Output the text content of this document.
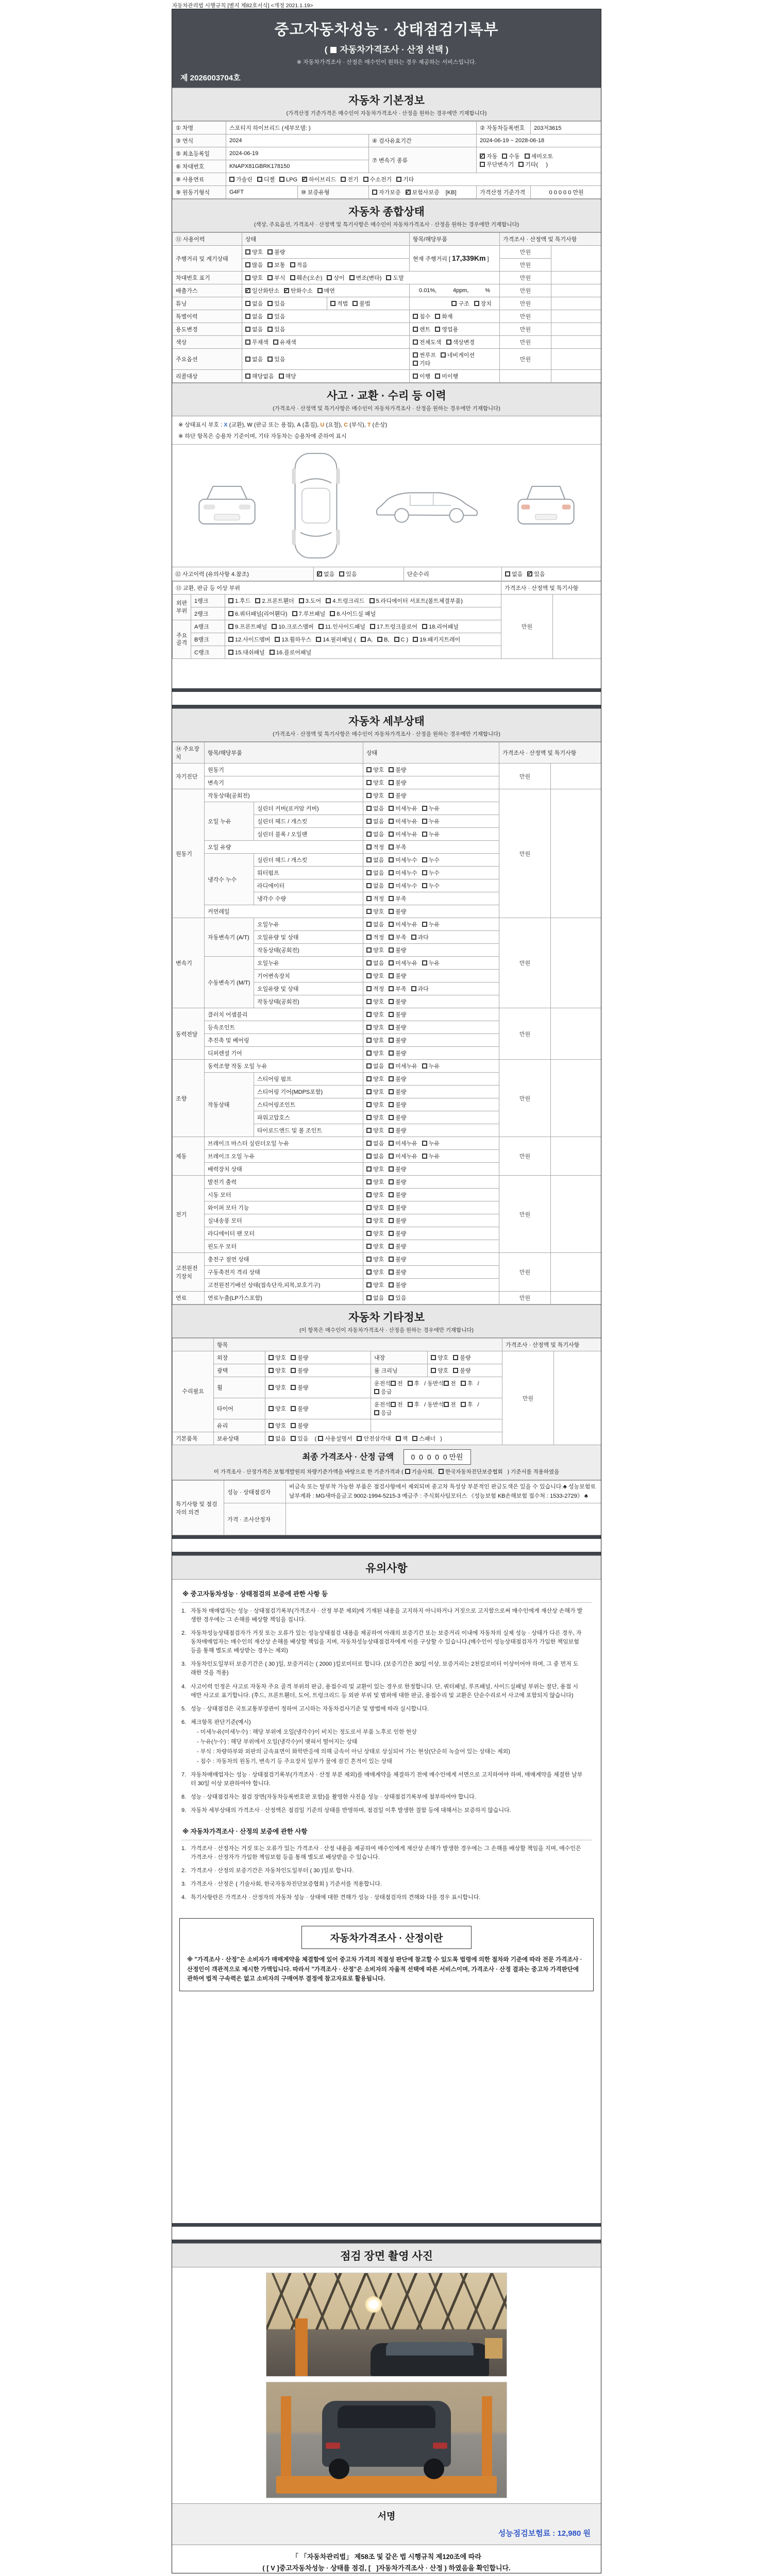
자동차관리법 시행규칙 [별지 제82호서식] <개정 2021.1.19>
중고자동차성능 · 상태점검기록부
( 자동차가격조사 · 산정 선택 )
※ 자동차가격조사 · 산정은 매수인이 원하는 경우 제공하는 서비스입니다.
제 2026003704호
자동차 기본정보
(가격산정 기준가격은 매수인이 자동차가격조사 · 산정을 원하는 경우에만 기재합니다)
① 차명	스포티지 하이브리드 (세부모델: )			② 자동차등록번호	203저3615
③ 연식	2024		④ 검사유효기간	2024-06-19 ~ 2028-06-18	
⑤ 최초등록일	2024-06-19		⑦ 변속기 종류	✓자동 수동 세미오토
무단변속기 기타(     )
⑥ 차대번호	KNAPX81GBRK178150				
⑧ 사용연료	가솔린 디젤 LPG ✓ 하이브리드 전기 수소전기 기타
⑨ 원동기형식	G4FT	⑩ 보증유형	자가보증 ✓ 보험사보증 [KB]	가격산정 기준가격	0 0 0 0 0 만원
자동차 종합상태
(색상, 주요옵션, 가격조사 · 산정액 및 특기사항은 매수인이 자동차가격조사 · 산정을 원하는 경우에만 기재합니다)
⑪ 사용이력	상태		항목/해당부품	가격조사 · 산정액 및 특기사항	
주행거리 및 계기상태	양호 불량		현재 주행거리 [ 17,339Km ]	만원	
	많음 보통 적음			만원	
차대번호 표기	양호 부식 훼손(오손) 상이 변조(변타) 도말			만원	
배출가스	✓일산화탄소 ✓ 탄화수소 매연		0.01%, 4ppm, %	만원	
튜닝	없음 있음	적법 불법	구조 장치	만원	
특별이력	없음 있음		침수 화재	만원	
용도변경	없음 있음		렌트 영업용	만원	
색상	무채색 유채색		전체도색 색상변경	만원	
주요옵션	없음 있음		썬루프 네비게이션기타	만원	
리콜대상	해당없음 해당		이행 미이행		
사고 · 교환 · 수리 등 이력
(가격조사 · 산정액 및 특기사항은 매수인이 자동차가격조사 · 산정을 원하는 경우에만 기재합니다)
※ 상태표시 부호 : X (교환), W (판금 또는 용접), A (흠집), U (요철), C (부식), T (손상)
※ 하단 항목은 승용차 기준이며, 기타 자동차는 승용차에 준하여 표시
⑫ 사고이력 (유의사항 4.참조) ✓	없음 있음	단순수리	없음 ✓ 있음
⑬ 교환, 판금 등 이상 부위			가격조사 · 산정액 및 특기사항	
외판부위	1랭크	1.후드 2.프론트휀더 3.도어 4.트렁크리드 5.라디에이터 서포트(볼트체결부품)	만원	
	2랭크	6.쿼터패널(리어휀다) 7.루브패널 8.사이드실 패널		
주요골격	A랭크	9.프론트패널 10.크로스멤버 11.인사이드패널 17.트렁크플로어 18.리어패널		
	B랭크	12.사이드멤버 13.휠하우스 14.필러패널 ( A, B, C ) 19.패키지트레이		
	C랭크	15.대쉬패널 16.플로어패널		
자동차 세부상태
(가격조사 · 산정액 및 특기사항은 매수인이 자동차가격조사 · 산정을 원하는 경우에만 기재합니다)
⑭ 주요장치	항목/해당부품		상태	가격조사 · 산정액 및 특기사항	
자기진단	원동기		양호 불량	만원	
	변속기		양호 불량		
원동기	작동상태(공회전)		양호 불량	만원	
	오일 누유	실린더 커버(로커암 커버)	없음 미세누유 누유		
		실린더 헤드 / 개스킷	없음 미세누유 누유		
		실린더 블록 / 오일팬	없음 미세누유 누유		
	오일 유량		적정 부족		
	냉각수 누수	실린더 헤드 / 개스킷	없음 미세누수 누수		
		워터펌프	없음 미세누수 누수		
		라디에이터	없음 미세누수 누수		
		냉각수 수량	적정 부족		
	커먼레일		양호 불량		
변속기	자동변속기 (A/T)	오일누유	없음 미세누유 누유	만원	
		오일유량 및 상태	적정 부족 과다		
		작동상태(공회전)	양호 불량		
	수동변속기 (M/T)	오일누유	없음 미세누유 누유		
		기어변속장치	양호 불량		
		오일유량 및 상태	적정 부족 과다		
		작동상태(공회전)	양호 불량		
동력전달	클러치 어셈블리		양호 불량	만원	
	등속조인트		양호 불량		
	추진축 및 베어링		양호 불량		
	디퍼렌셜 기어		양호 불량		
조향	동력조향 작동 오일 누유		없음 미세누유 누유	만원	
	작동상태	스티어링 펌프	양호 불량		
		스티어링 기어(MDPS포함)	양호 불량		
		스티어링조인트	양호 불량		
		파워고압호스	양호 불량		
		타이로드엔드 및 볼 조인트	양호 불량		
제동	브레이크 마스터 실린더오일 누유		없음 미세누유 누유	만원	
	브레이크 오일 누유		없음 미세누유 누유		
	배력장치 상태		양호 불량		
전기	발전기 출력		양호 불량	만원	
	시동 모터		양호 불량		
	와이퍼 모터 기능		양호 불량		
	실내송풍 모터		양호 불량		
	라디에이터 팬 모터		양호 불량		
	윈도우 모터		양호 불량		
고전원전기장치	충전구 절연 상태		양호 불량	만원	
	구동축전지 격리 상태		양호 불량		
	고전원전기배선 상태(접속단자,피복,보호기구)		양호 불량		
연료	연료누출(LP가스포함)		없음 있음	만원	
자동차 기타정보
(이 항목은 매수인이 자동차가격조사 · 산정을 원하는 경우에만 기재합니다)
	항목				가격조사 · 산정액 및 특기사항	
수리필요	외장	양호 불량	내장	양호 불량	만원	
	광택	양호 불량	룸 크리닝	양호 불량		
	휠	양호 불량	운전석 전 후 / 동반석 전 후 /응급			
	타이어	양호 불량	운전석 전 후 / 동반석 전 후 /응급			
	유리	양호 불량				
기본품목	보유상태	없음 있음 ( 사용설명서 안전삼각대 잭 스패너 )				
최종 가격조사 · 산정 금액 0  0  0  0  0 만원
이 가격조사 · 산정가격은 보험개발원의 차량기준가액을 바탕으로 한 기준가격과 ( 기술사회, 한국자동차진단보증협회 ) 기준서를 적용하였음
특기사항 및 점검자의 의견	성능 · 상태점검자	비금속 또는 탈부착 가능한 부품은 점검사항에서 제외되며 중고차 특성상 부분적인 판금도색은 있을 수 있습니다.♣ 성능보험료 납부계좌 : MG새마을금고 9002-1994-5215-3 예금주 : 주식회사팀모터스 《성능보험 KB손해보험 접수처 : 1533-2729》 ♣
	가격 · 조사산정자	
유의사항
※ 중고자동차성능 · 상태점검의 보증에 관한 사항 등
1. 자동차 매매업자는 성능 · 상태점검기록부(가격조사 · 산정 부분 제외)에 기재된 내용을 고지하지 아니하거나 거짓으로 고지함으로써 매수인에게 재산상 손해가 발생한 경우에는 그 손해를 배상할 책임을 집니다.
2. 자동차성능상태점검자가 거짓 또는 오류가 있는 성능상태점검 내용을 제공하여 아래의 보증기간 또는 보증거리 이내에 자동차의 실제 성능 · 상태가 다른 경우, 자동차매매업자는 매수인의 재산상 손해를 배상할 책임을 지며, 자동차성능상태점검자에게 이를 구상할 수 있습니다.(매수인이 성능상태점검자가 가입한 책임보험 등을 통해 별도로 배상받는 경우는 제외)
3. 자동차인도일부터 보증기간은 ( 30 )일, 보증거리는 ( 2000 )킬로미터로 합니다. (보증기간은 30일 이상, 보증거리는 2천킬로미터 이상이어야 하며, 그 중 먼저 도래한 것을 적용)
4. 사고이력 인정은 사고로 자동차 주요 골격 부위의 판금, 용접수리 및 교환이 있는 경우로 한정합니다. 단, 쿼터패널, 루프패널, 사이드실패널 부위는 절단, 용접 시에만 사고로 표기합니다. (후드, 프론트휀더, 도어, 트렁크리드 등 외판 부위 및 범퍼에 대한 판금, 용접수리 및 교환은 단순수리로서 사고에 포함되지 않습니다)
5. 성능 · 상태점검은 국토교통부장관이 정하여 고시하는 자동차검사기준 및 방법에 따라 실시합니다.
6. 체크항목 판단기준(예시)
- 미세누유(미세누수) : 해당 부위에 오일(냉각수)이 비치는 정도로서 부품 노후로 인한 현상
- 누유(누수) : 해당 부위에서 오일(냉각수)이 맺혀서 떨어지는 상태
- 부식 : 차량하부와 외판의 금속표면이 화학반응에 의해 금속이 아닌 상태로 상실되어 가는 현상(단순히 녹슬어 있는 상태는 제외)
- 침수 : 자동차의 원동기, 변속기 등 주요장치 일부가 물에 잠긴 흔적이 있는 상태
7. 자동차매매업자는 성능 · 상태점검기록부(가격조사 · 산정 부분 제외)를 매매계약을 체결하기 전에 매수인에게 서면으로 고지하여야 하며, 매매계약을 체결한 날부터 30일 이상 보관하여야 합니다.
8. 성능 · 상태점검자는 점검 장면(자동차등록번호판 포함)을 촬영한 사진을 성능 · 상태점검기록부에 첨부하여야 합니다.
9. 자동차 세부상태의 가격조사 · 산정액은 점검일 기준의 상태를 반영하며, 점검일 이후 발생한 결함 등에 대해서는 보증하지 않습니다.
※ 자동차가격조사 · 산정의 보증에 관한 사항
1. 가격조사 · 산정자는 거짓 또는 오류가 있는 가격조사 · 산정 내용을 제공하여 매수인에게 재산상 손해가 발생한 경우에는 그 손해를 배상할 책임을 지며, 매수인은 가격조사 · 산정자가 가입한 책임보험 등을 통해 별도로 배상받을 수 있습니다.
2. 가격조사 · 산정의 보증기간은 자동차인도일부터 ( 30 )일로 합니다.
3. 가격조사 · 산정은 ( 기술사회, 한국자동차진단보증협회 ) 기준서를 적용합니다.
4. 특기사항란은 가격조사 · 산정자의 자동차 성능 · 상태에 대한 견해가 성능 · 상태점검자의 견해와 다를 경우 표시합니다.
자동차가격조사 · 산정이란
※ "가격조사 · 산정"은 소비자가 매매계약을 체결함에 있어 중고차 가격의 적절성 판단에 참고할 수 있도록 법령에 의한 절차와 기준에 따라 전문 가격조사 · 산정인이 객관적으로 제시한 가액입니다. 따라서 "가격조사 · 산정"은 소비자의 자율적 선택에 따른 서비스이며, 가격조사 · 산정 결과는 중고차 가격판단에 관하여 법적 구속력은 없고 소비자의 구매여부 결정에 참고자료로 활용됩니다.
점검 장면 촬영 사진
서명
성능점검보험료 : 12,980 원
「 「자동차관리법」 제58조 및 같은 법 시행규칙 제120조에 따라
( [ V ]중고자동차성능 · 상태를 점검, [   ]자동차가격조사 · 산정 ) 하였음을 확인합니다.
